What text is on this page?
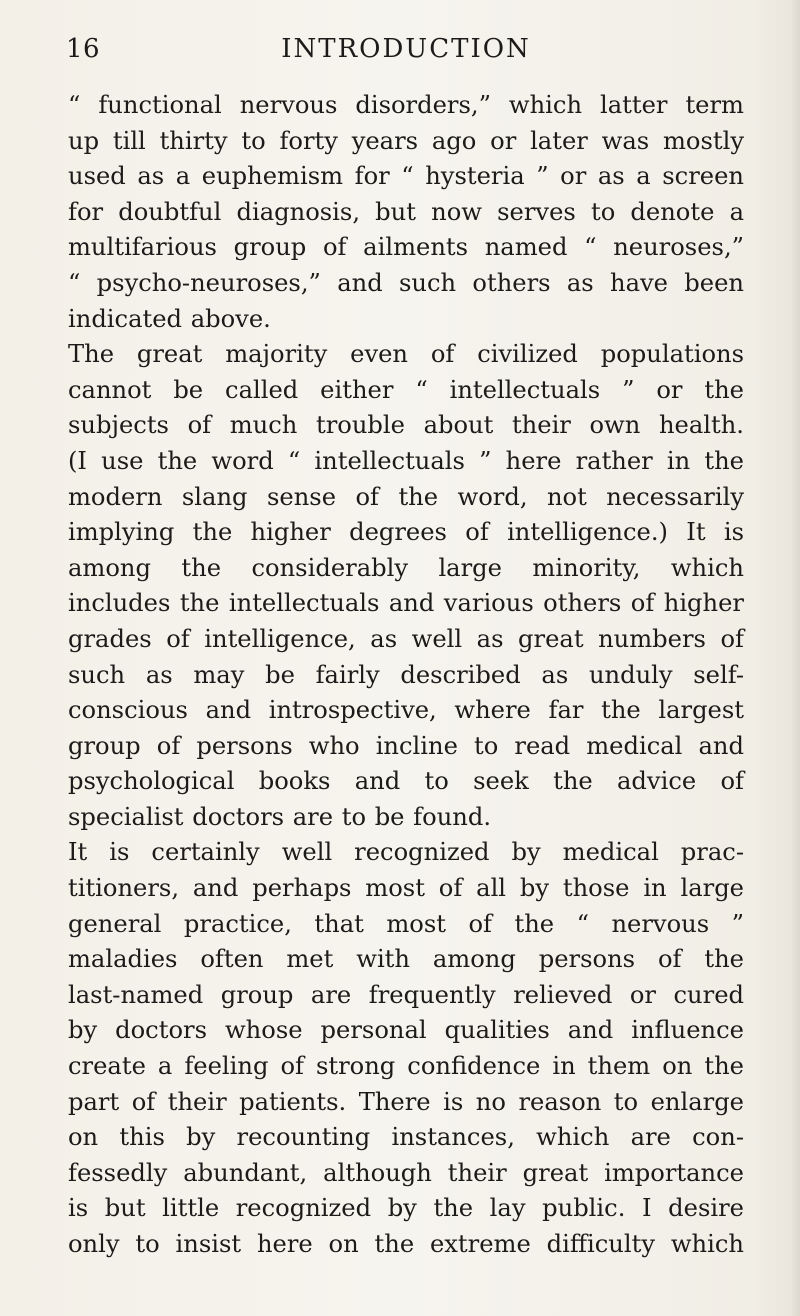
16	INTRODUCTION
“ functional nervous disorders,” which latter term
up till thirty to forty years ago or later was mostly
used as a euphemism for “ hysteria ” or as a screen
for doubtful diagnosis, but now serves to denote a
multifarious group of ailments named “ neuroses,”
“ psycho-neuroses,” and such others as have been
indicated above.
The great majority even of civilized populations
cannot be called either “ intellectuals ” or the
subjects of much trouble about their own health.
(I use the word “ intellectuals ” here rather in the
modern slang sense of the word, not necessarily
implying the higher degrees of intelligence.) It is
among the considerably large minority, which
includes the intellectuals and various others of higher
grades of intelligence, as well as great numbers of
such as may be fairly described as unduly self-
conscious and introspective, where far the largest
group of persons who incline to read medical and
psychological books and to seek the advice of
specialist doctors are to be found.
It is certainly well recognized by medical prac-
titioners, and perhaps most of all by those in large
general practice, that most of the “ nervous ”
maladies often met with among persons of the
last-named group are frequently relieved or cured
by doctors whose personal qualities and influence
create a feeling of strong confidence in them on the
part of their patients. There is no reason to enlarge
on this by recounting instances, which are con-
fessedly abundant, although their great importance
is but little recognized by the lay public. I desire
only to insist here on the extreme difficulty which
